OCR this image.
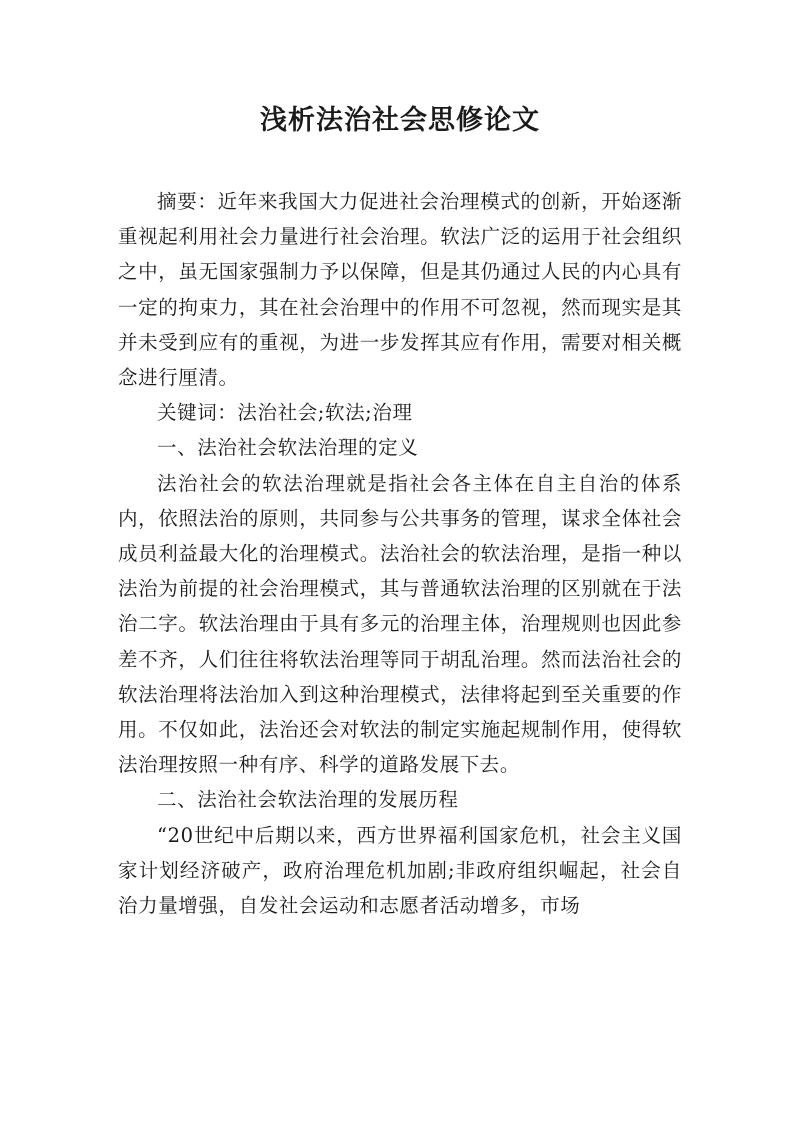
浅析法治社会思修论文

摘要：近年来我国大力促进社会治理模式的创新，开始逐渐重视起利用社会力量进行社会治理。软法广泛的运用于社会组织之中，虽无国家强制力予以保障，但是其仍通过人民的内心具有一定的拘束力，其在社会治理中的作用不可忽视，然而现实是其并未受到应有的重视，为进一步发挥其应有作用，需要对相关概念进行厘清。

关键词：法治社会;软法;治理

一、法治社会软法治理的定义

法治社会的软法治理就是指社会各主体在自主自治的体系内，依照法治的原则，共同参与公共事务的管理，谋求全体社会成员利益最大化的治理模式。法治社会的软法治理，是指一种以法治为前提的社会治理模式，其与普通软法治理的区别就在于法治二字。软法治理由于具有多元的治理主体，治理规则也因此参差不齐，人们往往将软法治理等同于胡乱治理。然而法治社会的软法治理将法治加入到这种治理模式，法律将起到至关重要的作用。不仅如此，法治还会对软法的制定实施起规制作用，使得软法治理按照一种有序、科学的道路发展下去。

二、法治社会软法治理的发展历程

“20世纪中后期以来，西方世界福利国家危机，社会主义国家计划经济破产，政府治理危机加剧;非政府组织崛起，社会自治力量增强，自发社会运动和志愿者活动增多，市场
